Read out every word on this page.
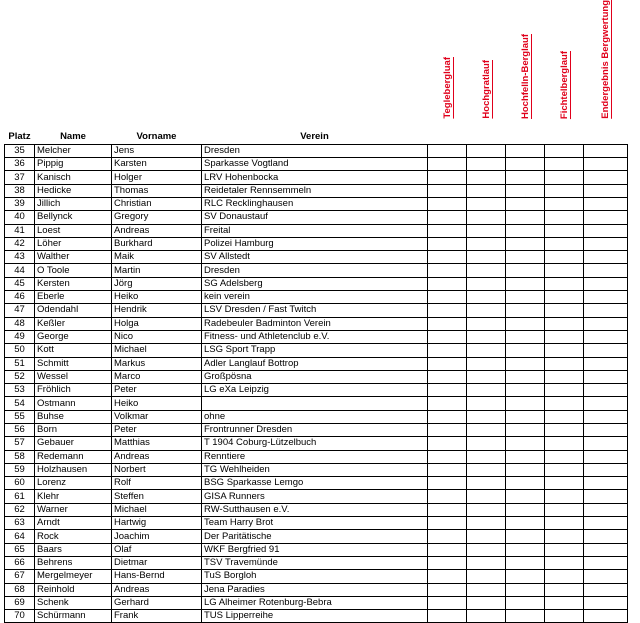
				Teglebergluaf	Hochgratlauf	Hochfelln-Berglauf	Fichtelberglauf	Endergebnis Bergwertung
Platz	Name	Vorname	Verein					
35	Melcher	Jens	Dresden					
36	Pippig	Karsten	Sparkasse Vogtland					
37	Kanisch	Holger	LRV Hohenbocka					
38	Hedicke	Thomas	Reidetaler Rennsemmeln					
39	Jillich	Christian	RLC Recklinghausen					
40	Bellynck	Gregory	SV Donaustauf					
41	Loest	Andreas	Freital					
42	Löher	Burkhard	Polizei Hamburg					
43	Walther	Maik	SV Allstedt					
44	O Toole	Martin	Dresden					
45	Kersten	Jörg	SG Adelsberg					
46	Eberle	Heiko	kein verein					
47	Odendahl	Hendrik	LSV Dresden / Fast Twitch					
48	Keßler	Holga	Radebeuler Badminton Verein					
49	George	Nico	Fitness- und Athletenclub e.V.					
50	Kott	Michael	LSG Sport Trapp					
51	Schmitt	Markus	Adler Langlauf Bottrop					
52	Wessel	Marco	Großpösna					
53	Fröhlich	Peter	LG eXa Leipzig					
54	Ostmann	Heiko						
55	Buhse	Volkmar	ohne					
56	Born	Peter	Frontrunner Dresden					
57	Gebauer	Matthias	T 1904 Coburg-Lützelbuch					
58	Redemann	Andreas	Renntiere					
59	Holzhausen	Norbert	TG Wehlheiden					
60	Lorenz	Rolf	BSG Sparkasse Lemgo					
61	Klehr	Steffen	GISA Runners					
62	Warner	Michael	RW-Sutthausen e.V.					
63	Arndt	Hartwig	Team Harry Brot					
64	Rock	Joachim	Der Paritätische					
65	Baars	Olaf	WKF Bergfried 91					
66	Behrens	Dietmar	TSV Travemünde					
67	Mergelmeyer	Hans-Bernd	TuS Borgloh					
68	Reinhold	Andreas	Jena Paradies					
69	Schenk	Gerhard	LG Alheimer Rotenburg-Bebra					
70	Schürmann	Frank	TUS Lipperreihe					
